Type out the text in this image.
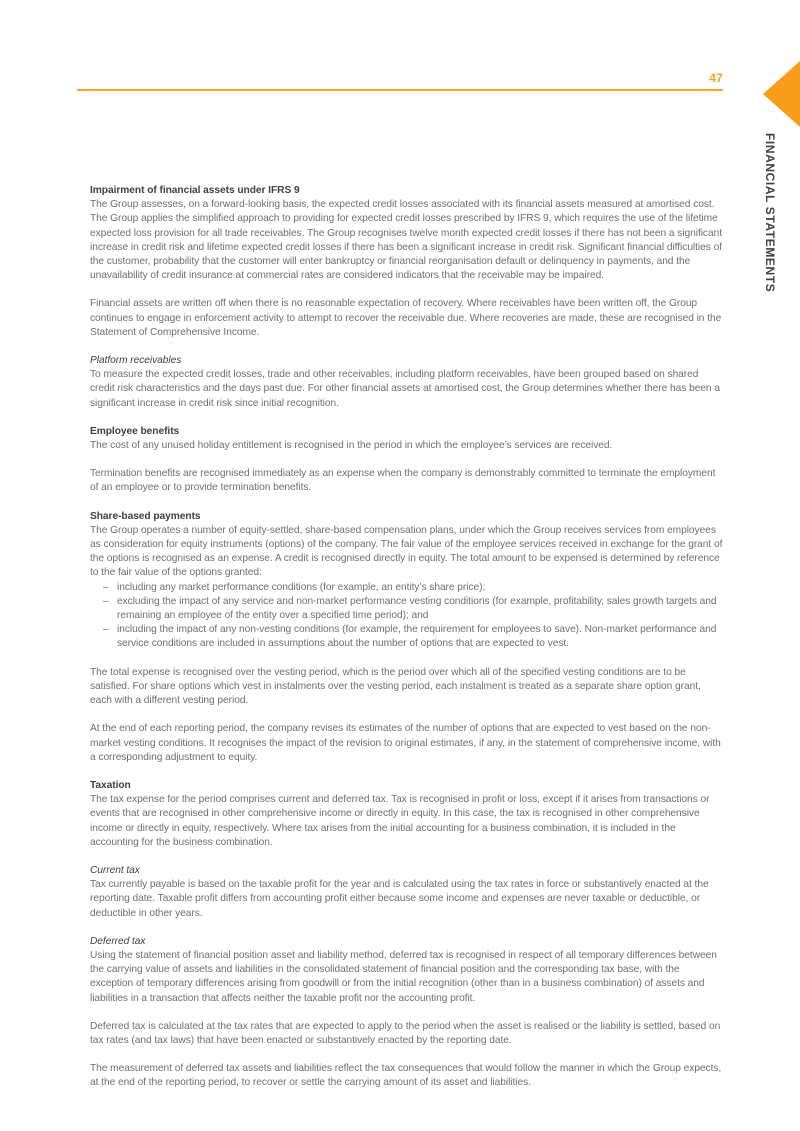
47
FINANCIAL STATEMENTS
Impairment of financial assets under IFRS 9

The Group assesses, on a forward-looking basis, the expected credit losses associated with its financial assets measured at amortised cost. The Group applies the simplified approach to providing for expected credit losses prescribed by IFRS 9, which requires the use of the lifetime expected loss provision for all trade receivables. The Group recognises twelve month expected credit losses if there has not been a significant increase in credit risk and lifetime expected credit losses if there has been a significant increase in credit risk. Significant financial difficulties of the customer, probability that the customer will enter bankruptcy or financial reorganisation default or delinquency in payments, and the unavailability of credit insurance at commercial rates are considered indicators that the receivable may be impaired.

Financial assets are written off when there is no reasonable expectation of recovery. Where receivables have been written off, the Group continues to engage in enforcement activity to attempt to recover the receivable due. Where recoveries are made, these are recognised in the Statement of Comprehensive Income.

Platform receivables

To measure the expected credit losses, trade and other receivables, including platform receivables, have been grouped based on shared credit risk characteristics and the days past due. For other financial assets at amortised cost, the Group determines whether there has been a significant increase in credit risk since initial recognition.

Employee benefits

The cost of any unused holiday entitlement is recognised in the period in which the employee’s services are received.

Termination benefits are recognised immediately as an expense when the company is demonstrably committed to terminate the employment of an employee or to provide termination benefits.

Share-based payments

The Group operates a number of equity-settled, share-based compensation plans, under which the Group receives services from employees as consideration for equity instruments (options) of the company. The fair value of the employee services received in exchange for the grant of the options is recognised as an expense. A credit is recognised directly in equity. The total amount to be expensed is determined by reference to the fair value of the options granted:

– including any market performance conditions (for example, an entity’s share price);
– excluding the impact of any service and non-market performance vesting conditions (for example, profitability, sales growth targets and remaining an employee of the entity over a specified time period); and
– including the impact of any non-vesting conditions (for example, the requirement for employees to save). Non-market performance and service conditions are included in assumptions about the number of options that are expected to vest.

The total expense is recognised over the vesting period, which is the period over which all of the specified vesting conditions are to be satisfied. For share options which vest in instalments over the vesting period, each instalment is treated as a separate share option grant, each with a different vesting period.

At the end of each reporting period, the company revises its estimates of the number of options that are expected to vest based on the non-market vesting conditions. It recognises the impact of the revision to original estimates, if any, in the statement of comprehensive income, with a corresponding adjustment to equity.

Taxation

The tax expense for the period comprises current and deferred tax. Tax is recognised in profit or loss, except if it arises from transactions or events that are recognised in other comprehensive income or directly in equity. In this case, the tax is recognised in other comprehensive income or directly in equity, respectively. Where tax arises from the initial accounting for a business combination, it is included in the accounting for the business combination.

Current tax

Tax currently payable is based on the taxable profit for the year and is calculated using the tax rates in force or substantively enacted at the reporting date. Taxable profit differs from accounting profit either because some income and expenses are never taxable or deductible, or deductible in other years.

Deferred tax

Using the statement of financial position asset and liability method, deferred tax is recognised in respect of all temporary differences between the carrying value of assets and liabilities in the consolidated statement of financial position and the corresponding tax base, with the exception of temporary differences arising from goodwill or from the initial recognition (other than in a business combination) of assets and liabilities in a transaction that affects neither the taxable profit nor the accounting profit.

Deferred tax is calculated at the tax rates that are expected to apply to the period when the asset is realised or the liability is settled, based on tax rates (and tax laws) that have been enacted or substantively enacted by the reporting date.

The measurement of deferred tax assets and liabilities reflect the tax consequences that would follow the manner in which the Group expects, at the end of the reporting period, to recover or settle the carrying amount of its asset and liabilities.
